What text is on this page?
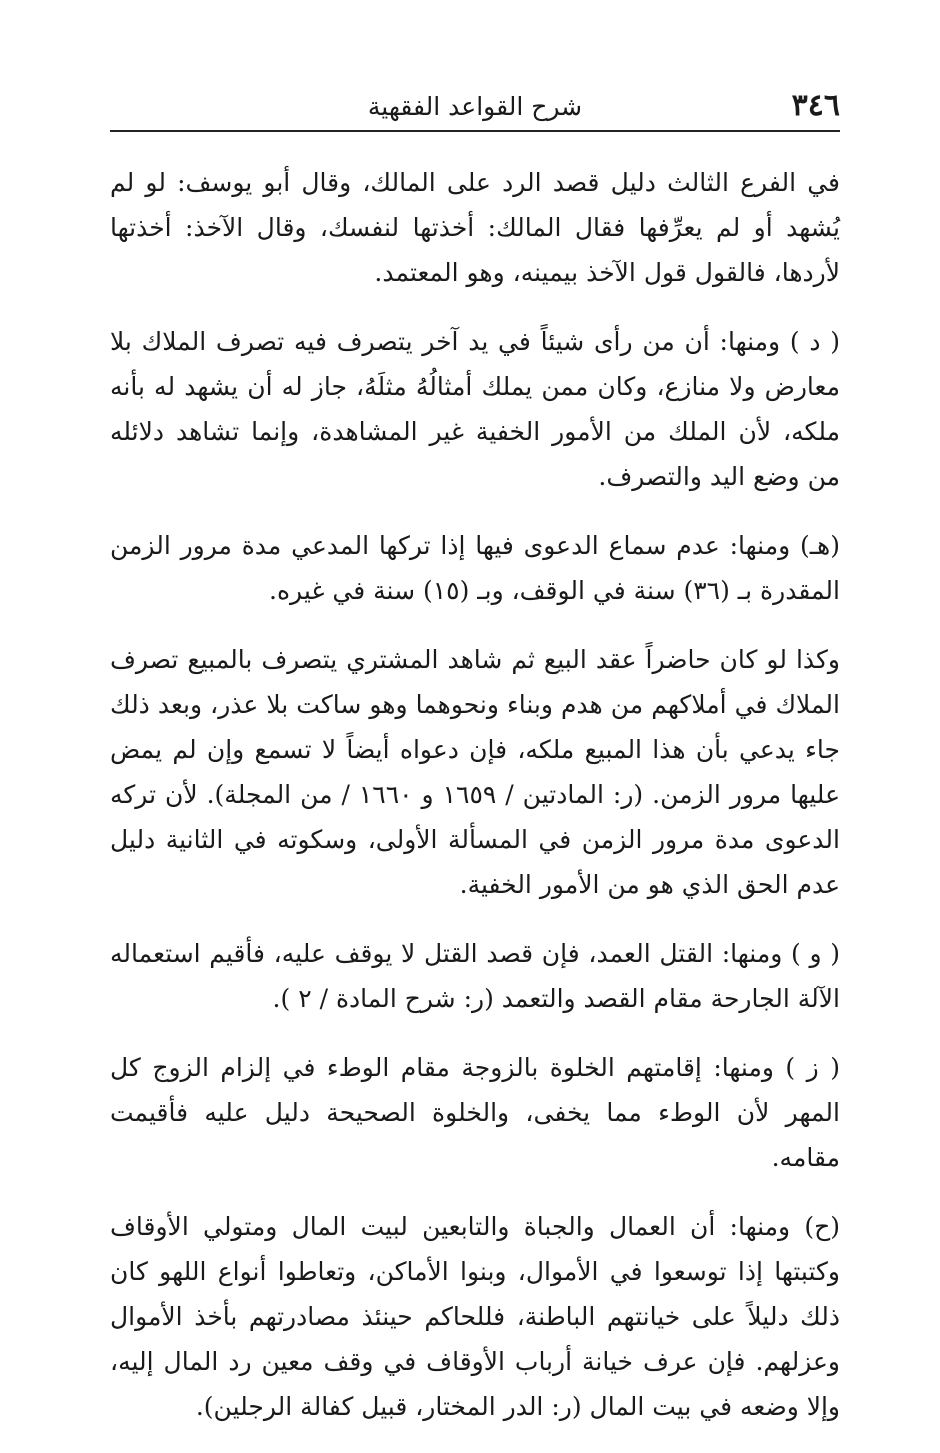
٣٤٦
شرح القواعد الفقهية

في الفرع الثالث دليل قصد الرد على المالك، وقال أبو يوسف: لو لم يُشهد أو لم يعرِّفها فقال المالك: أخذتها لنفسك، وقال الآخذ: أخذتها لأردها، فالقول قول الآخذ بيمينه، وهو المعتمد.

( د ) ومنها: أن من رأى شيئاً في يد آخر يتصرف فيه تصرف الملاك بلا معارض ولا منازع، وكان ممن يملك أمثالُهُ مثلَهُ، جاز له أن يشهد له بأنه ملكه، لأن الملك من الأمور الخفية غير المشاهدة، وإنما تشاهد دلائله من وضع اليد والتصرف.

(هـ) ومنها: عدم سماع الدعوى فيها إذا تركها المدعي مدة مرور الزمن المقدرة بـ (٣٦) سنة في الوقف، وبـ (١٥) سنة في غيره.

وكذا لو كان حاضراً عقد البيع ثم شاهد المشتري يتصرف بالمبيع تصرف الملاك في أملاكهم من هدم وبناء ونحوهما وهو ساكت بلا عذر، وبعد ذلك جاء يدعي بأن هذا المبيع ملكه، فإن دعواه أيضاً لا تسمع وإن لم يمض عليها مرور الزمن. (ر: المادتين / ١٦٥٩ و ١٦٦٠ / من المجلة). لأن تركه الدعوى مدة مرور الزمن في المسألة الأولى، وسكوته في الثانية دليل عدم الحق الذي هو من الأمور الخفية.

( و ) ومنها: القتل العمد، فإن قصد القتل لا يوقف عليه، فأقيم استعماله الآلة الجارحة مقام القصد والتعمد (ر: شرح المادة / ٢ ).

( ز ) ومنها: إقامتهم الخلوة بالزوجة مقام الوطء في إلزام الزوج كل المهر لأن الوطء مما يخفى، والخلوة الصحيحة دليل عليه فأقيمت مقامه.

(ح) ومنها: أن العمال والجباة والتابعين لبيت المال ومتولي الأوقاف وكتبتها إذا توسعوا في الأموال، وبنوا الأماكن، وتعاطوا أنواع اللهو كان ذلك دليلاً على خيانتهم الباطنة، فللحاكم حينئذ مصادرتهم بأخذ الأموال وعزلهم. فإن عرف خيانة أرباب الأوقاف في وقف معين رد المال إليه، وإلا وضعه في بيت المال (ر: الدر المختار، قبيل كفالة الرجلين).
